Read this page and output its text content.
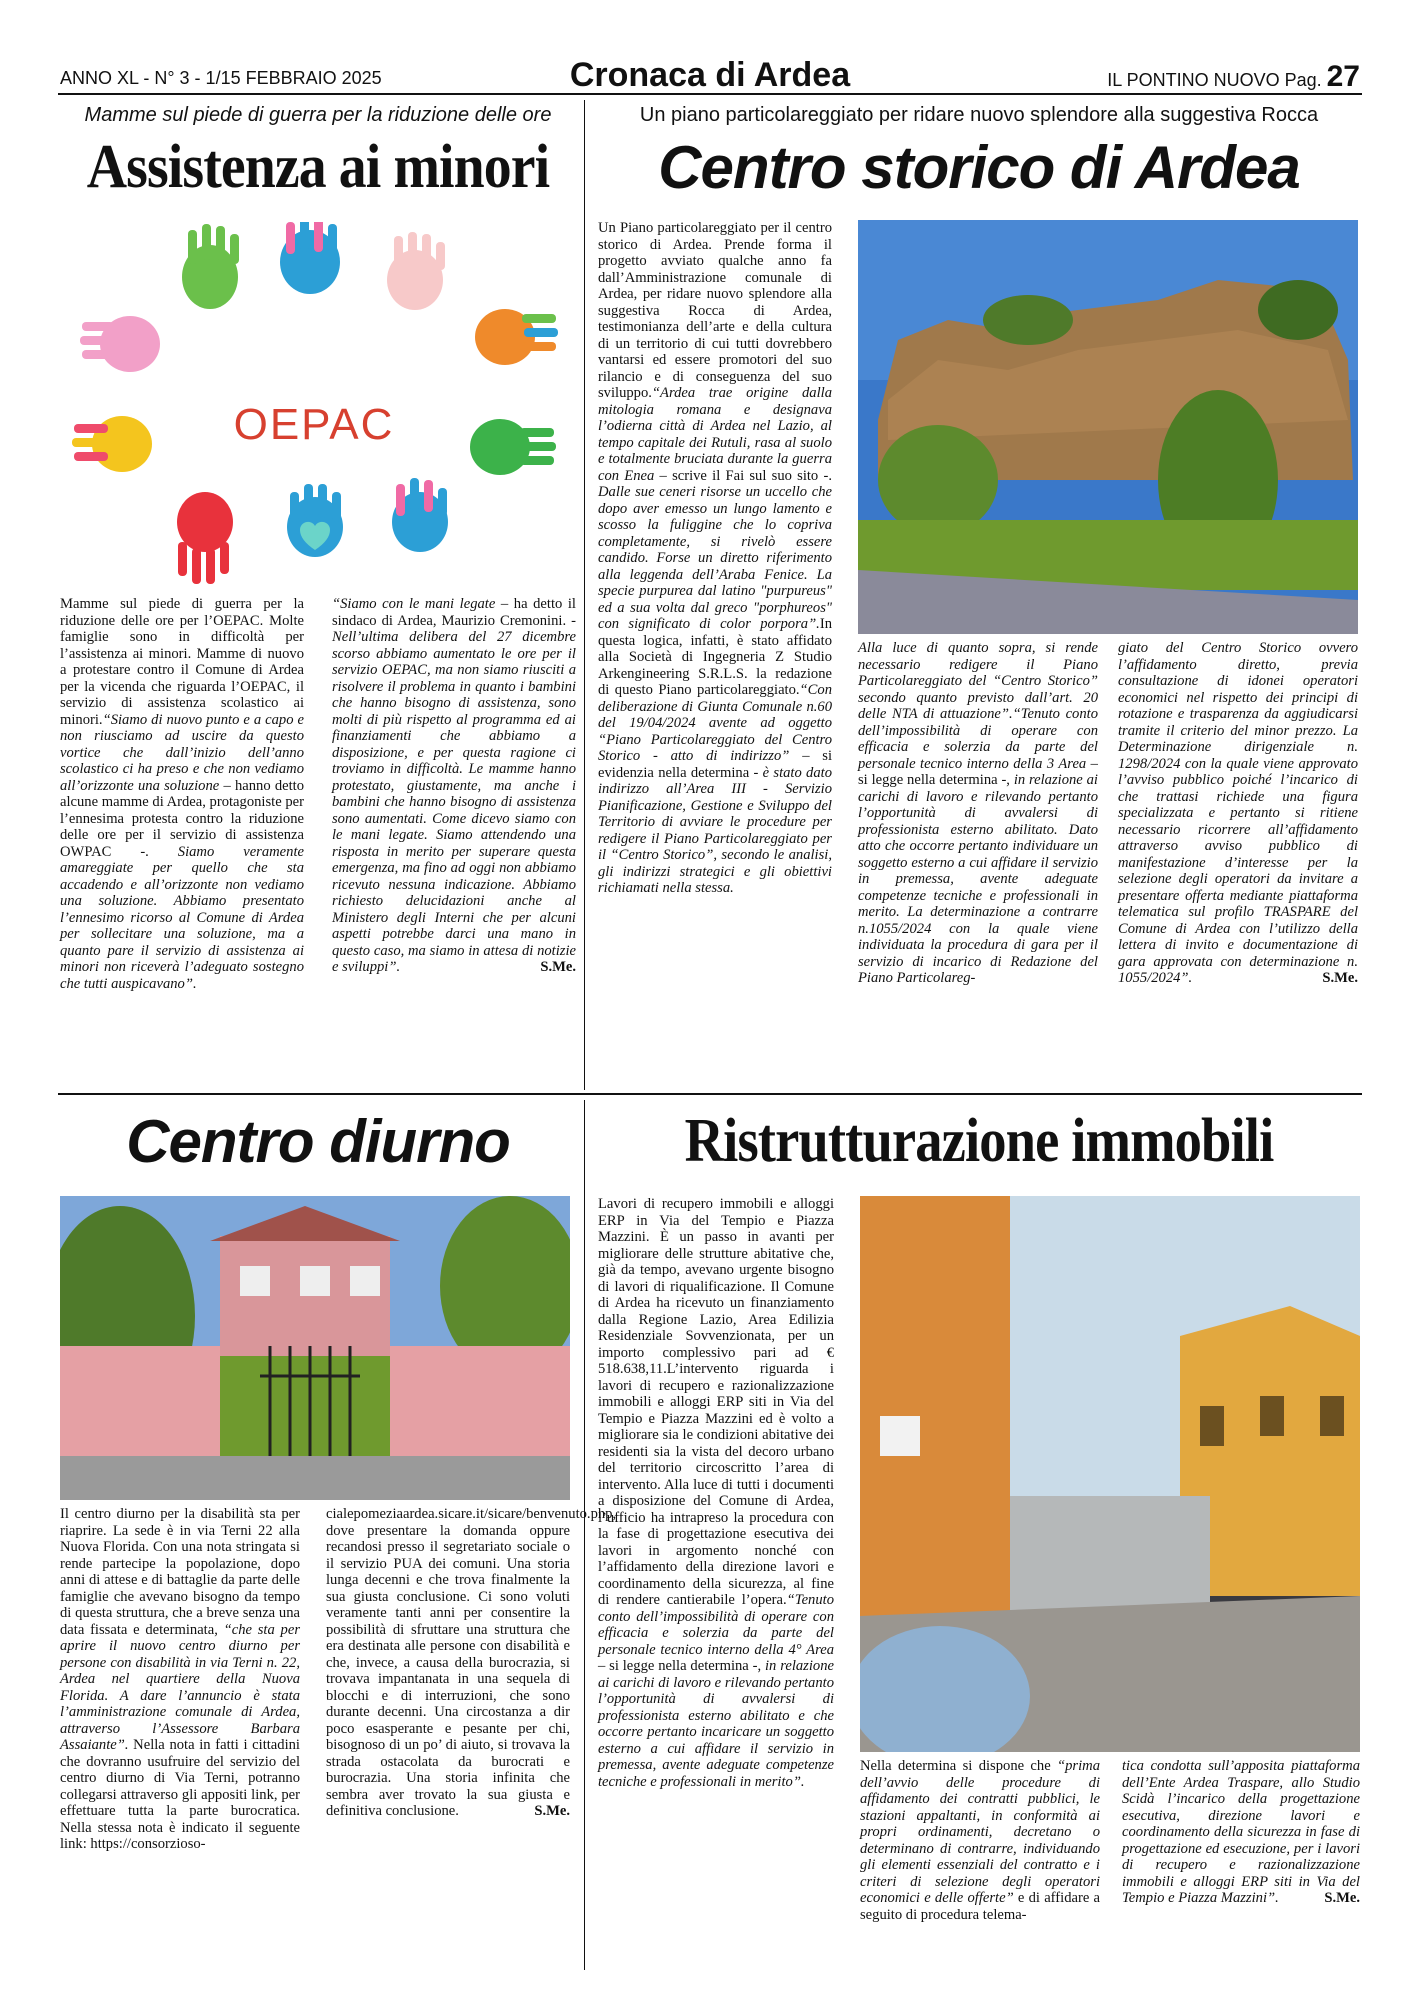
ANNO XL - N° 3 - 1/15 FEBBRAIO 2025	Cronaca di Ardea	IL PONTINO NUOVO Pag. 27
Mamme sul piede di guerra per la riduzione delle ore
Assistenza ai minori
OEPAC

Mamme sul piede di guerra per la riduzione delle ore per l’OEPAC. Molte famiglie sono in difficoltà per l’assistenza ai minori. Mamme di nuovo a protestare contro il Comune di Ardea per la vicenda che riguarda l’OEPAC, il servizio di assistenza scolastico ai minori.“Siamo di nuovo punto e a capo e non riusciamo ad uscire da questo vortice che dall’inizio dell’anno scolastico ci ha preso e che non vediamo all’orizzonte una soluzione – hanno detto alcune mamme di Ardea, protagoniste per l’ennesima protesta contro la riduzione delle ore per il servizio di assistenza OWPAC -. Siamo veramente amareggiate per quello che sta accadendo e all’orizzonte non vediamo una soluzione. Abbiamo presentato l’ennesimo ricorso al Comune di Ardea per sollecitare una soluzione, ma a quanto pare il servizio di assistenza ai minori non riceverà l’adeguato sostegno che tutti auspicavano”.

“Siamo con le mani legate – ha detto il sindaco di Ardea, Maurizio Cremonini. - Nell’ultima delibera del 27 dicembre scorso abbiamo aumentato le ore per il servizio OEPAC, ma non siamo riusciti a risolvere il problema in quanto i bambini che hanno bisogno di assistenza, sono molti di più rispetto al programma ed ai finanziamenti che abbiamo a disposizione, e per questa ragione ci troviamo in difficoltà. Le mamme hanno protestato, giustamente, ma anche i bambini che hanno bisogno di assistenza sono aumentati. Come dicevo siamo con le mani legate. Siamo attendendo una risposta in merito per superare questa emergenza, ma fino ad oggi non abbiamo ricevuto nessuna indicazione. Abbiamo richiesto delucidazioni anche al Ministero degli Interni che per alcuni aspetti potrebbe darci una mano in questo caso, ma siamo in attesa di notizie e sviluppi”.	S.Me.

Un piano particolareggiato per ridare nuovo splendore alla suggestiva Rocca
Centro storico di Ardea

Un Piano particolareggiato per il centro storico di Ardea. Prende forma il progetto avviato qualche anno fa dall’Amministrazione comunale di Ardea, per ridare nuovo splendore alla suggestiva Rocca di Ardea, testimonianza dell’arte e della cultura di un territorio di cui tutti dovrebbero vantarsi ed essere promotori del suo rilancio e di conseguenza del suo sviluppo.“Ardea trae origine dalla mitologia romana e designava l’odierna città di Ardea nel Lazio, al tempo capitale dei Rutuli, rasa al suolo e totalmente bruciata durante la guerra con Enea – scrive il Fai sul suo sito -. Dalle sue ceneri risorse un uccello che dopo aver emesso un lungo lamento e scosso la fuliggine che lo copriva completamente, si rivelò essere candido. Forse un diretto riferimento alla leggenda dell’Araba Fenice. La specie purpurea dal latino "purpureus" ed a sua volta dal greco "porphureos" con significato di color porpora”.In questa logica, infatti, è stato affidato alla Società di Ingegneria Z Studio Arkengineering S.R.L.S. la redazione di questo Piano particolareggiato.“Con deliberazione di Giunta Comunale n.60 del 19/04/2024 avente ad oggetto “Piano Particolareggiato del Centro Storico - atto di indirizzo” – si evidenzia nella determina - è stato dato indirizzo all’Area III - Servizio Pianificazione, Gestione e Sviluppo del Territorio di avviare le procedure per redigere il Piano Particolareggiato per il “Centro Storico”, secondo le analisi, gli indirizzi strategici e gli obiettivi richiamati nella stessa.

Alla luce di quanto sopra, si rende necessario redigere il Piano Particolareggiato del “Centro Storico” secondo quanto previsto dall’art. 20 delle NTA di attuazione”.“Tenuto conto dell’impossibilità di operare con efficacia e solerzia da parte del personale tecnico interno della 3 Area – si legge nella determina -, in relazione ai carichi di lavoro e rilevando pertanto l’opportunità di avvalersi di professionista esterno abilitato. Dato atto che occorre pertanto individuare un soggetto esterno a cui affidare il servizio in premessa, avente adeguate competenze tecniche e professionali in merito. La determinazione a contrarre n.1055/2024 con la quale viene individuata la procedura di gara per il servizio di incarico di Redazione del Piano Particolareg-

giato del Centro Storico ovvero l’affidamento diretto, previa consultazione di idonei operatori economici nel rispetto dei principi di rotazione e trasparenza da aggiudicarsi tramite il criterio del minor prezzo. La Determinazione dirigenziale n. 1298/2024 con la quale viene approvato l’avviso pubblico poiché l’incarico di che trattasi richiede una figura specializzata e pertanto si ritiene necessario ricorrere all’affidamento attraverso avviso pubblico di manifestazione d’interesse per la selezione degli operatori da invitare a presentare offerta mediante piattaforma telematica sul profilo TRASPARE del Comune di Ardea con l’utilizzo della lettera di invito e documentazione di gara approvata con determinazione n. 1055/2024”.	S.Me.

Centro diurno

Il centro diurno per la disabilità sta per riaprire. La sede è in via Terni 22 alla Nuova Florida. Con una nota stringata si rende partecipe la popolazione, dopo anni di attese e di battaglie da parte delle famiglie che avevano bisogno da tempo di questa struttura, che a breve senza una data fissata e determinata, “che sta per aprire il nuovo centro diurno per persone con disabilità in via Terni n. 22, Ardea nel quartiere della Nuova Florida. A dare l’annuncio è stata l’amministrazione comunale di Ardea, attraverso l’Assessore Barbara Assaiante”. Nella nota in fatti i cittadini che dovranno usufruire del servizio del centro diurno di Via Terni, potranno collegarsi attraverso gli appositi link, per effettuare tutta la parte burocratica. Nella stessa nota è indicato il seguente link: https://consorzioso-

cialepomeziaardea.sicare.it/sicare/benvenuto.php, dove presentare la domanda oppure recandosi presso il segretariato sociale o il servizio PUA dei comuni. Una storia lunga decenni e che trova finalmente la sua giusta conclusione. Ci sono voluti veramente tanti anni per consentire la possibilità di sfruttare una struttura che era destinata alle persone con disabilità e che, invece, a causa della burocrazia, si trovava impantanata in una sequela di blocchi e di interruzioni, che sono durante decenni. Una circostanza a dir poco esasperante e pesante per chi, bisognoso di un po’ di aiuto, si trovava la strada ostacolata da burocrati e burocrazia. Una storia infinita che sembra aver trovato la sua giusta e definitiva conclusione.	S.Me.

Ristrutturazione immobili

Lavori di recupero immobili e alloggi ERP in Via del Tempio e Piazza Mazzini. È un passo in avanti per migliorare delle strutture abitative che, già da tempo, avevano urgente bisogno di lavori di riqualificazione. Il Comune di Ardea ha ricevuto un finanziamento dalla Regione Lazio, Area Edilizia Residenziale Sovvenzionata, per un importo complessivo pari ad € 518.638,11.L’intervento riguarda i lavori di recupero e razionalizzazione immobili e alloggi ERP siti in Via del Tempio e Piazza Mazzini ed è volto a migliorare sia le condizioni abitative dei residenti sia la vista del decoro urbano del territorio circoscritto l’area di intervento. Alla luce di tutti i documenti a disposizione del Comune di Ardea, l’ufficio ha intrapreso la procedura con la fase di progettazione esecutiva dei lavori in argomento nonché con l’affidamento della direzione lavori e coordinamento della sicurezza, al fine di rendere cantierabile l’opera.“Tenuto conto dell’impossibilità di operare con efficacia e solerzia da parte del personale tecnico interno della 4° Area – si legge nella determina -, in relazione ai carichi di lavoro e rilevando pertanto l’opportunità di avvalersi di professionista esterno abilitato e che occorre pertanto incaricare un soggetto esterno a cui affidare il servizio in premessa, avente adeguate competenze tecniche e professionali in merito”.

Nella determina si dispone che “prima dell’avvio delle procedure di affidamento dei contratti pubblici, le stazioni appaltanti, in conformità ai propri ordinamenti, decretano o determinano di contrarre, individuando gli elementi essenziali del contratto e i criteri di selezione degli operatori economici e delle offerte” e di affidare a seguito di procedura telema-

tica condotta sull’apposita piattaforma dell’Ente Ardea Traspare, allo Studio Scidà l’incarico della progettazione esecutiva, direzione lavori e coordinamento della sicurezza in fase di progettazione ed esecuzione, per i lavori di recupero e razionalizzazione immobili e alloggi ERP siti in Via del Tempio e Piazza Mazzini”.	S.Me.
